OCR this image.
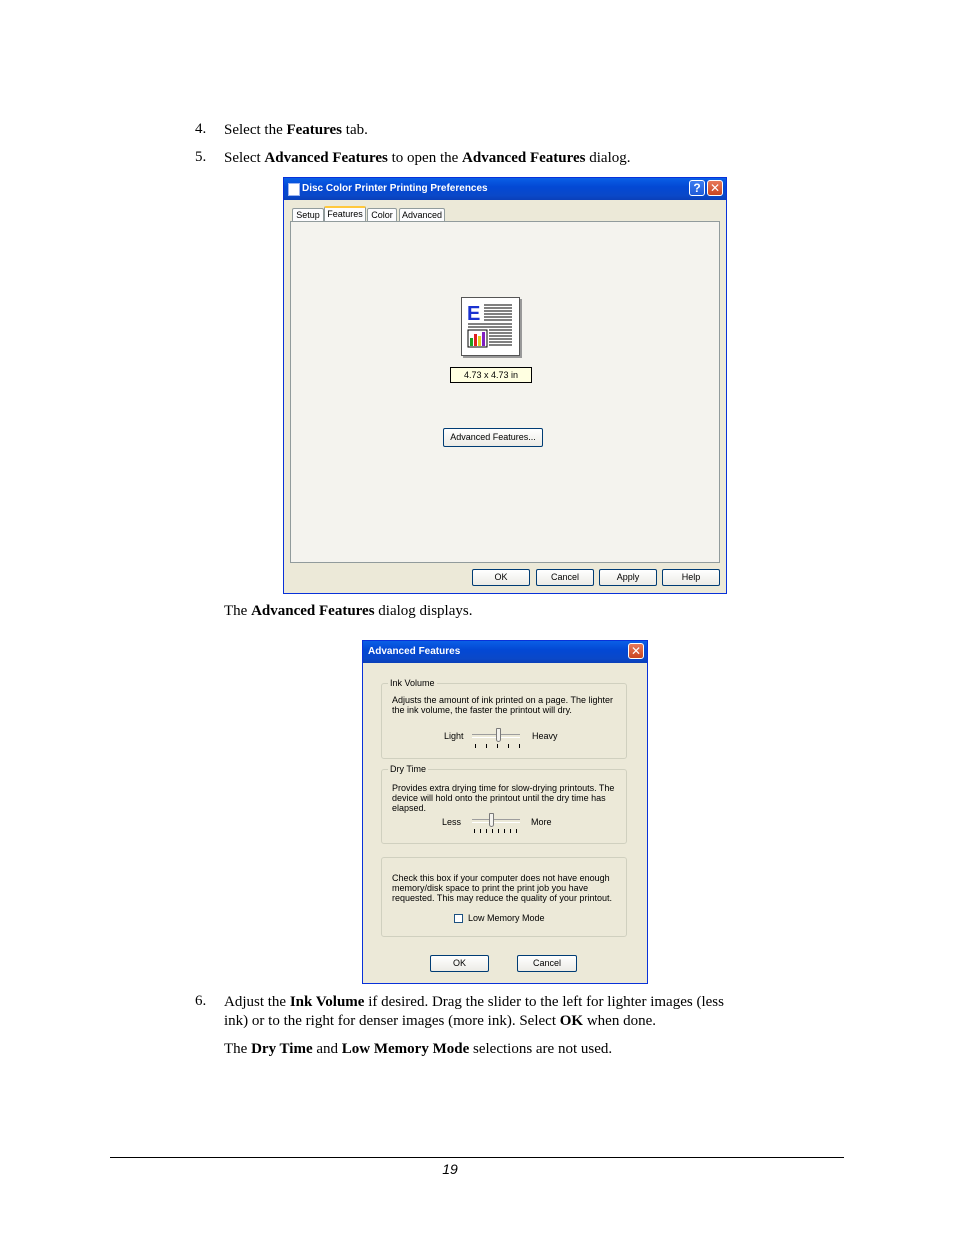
4. Select the Features tab.
5. Select Advanced Features to open the Advanced Features dialog.
Disc Color Printer Printing Preferences	? ✕
Setup Features Color	Advanced
E
4.73 x 4.73 in
Advanced Features...
OK	Cancel	Apply	Help
The Advanced Features dialog displays.
Advanced Features	✕
Ink Volume
Adjusts the amount of ink printed on a page. The lighter the ink volume, the faster the printout will dry.
Light	Heavy
Dry Time
Provides extra drying time for slow-drying printouts. The device will hold onto the printout until the dry time has elapsed.
Less	More
Check this box if your computer does not have enough memory/disk space to print the print job you have requested. This may reduce the quality of your printout.
Low Memory Mode
OK	Cancel
6. Adjust the Ink Volume if desired. Drag the slider to the left for lighter images (less
ink) or to the right for denser images (more ink). Select OK when done.
The Dry Time and Low Memory Mode selections are not used.
19
